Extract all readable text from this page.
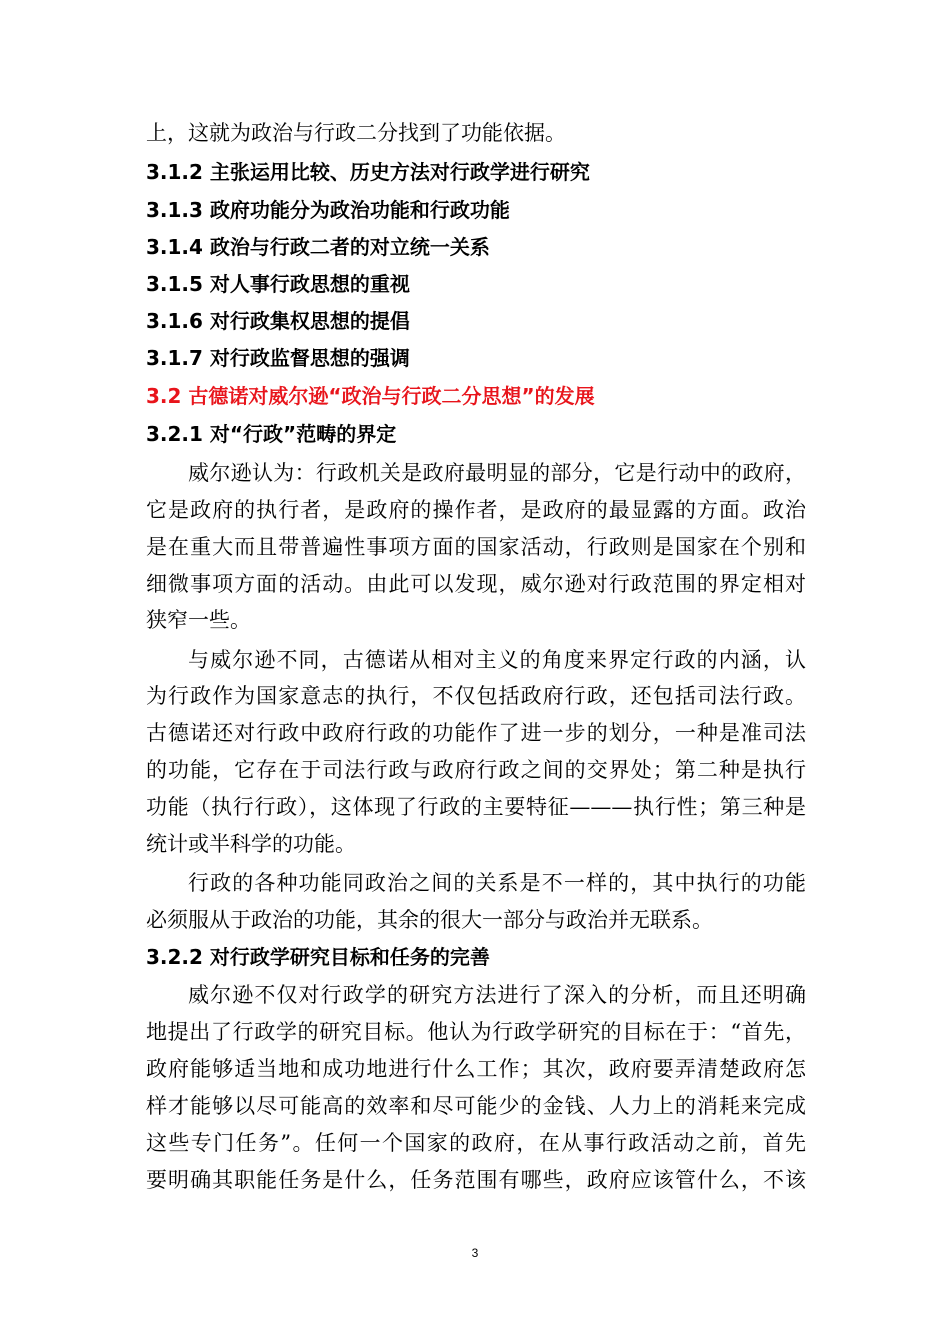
上，这就为政治与行政二分找到了功能依据。
3.1.2 主张运用比较、历史方法对行政学进行研究
3.1.3 政府功能分为政治功能和行政功能
3.1.4 政治与行政二者的对立统一关系
3.1.5 对人事行政思想的重视
3.1.6 对行政集权思想的提倡
3.1.7 对行政监督思想的强调
3.2 古德诺对威尔逊“政治与行政二分思想”的发展
3.2.1 对“行政”范畴的界定
威尔逊认为：行政机关是政府最明显的部分，它是行动中的政府，
它是政府的执行者，是政府的操作者，是政府的最显露的方面。政治
是在重大而且带普遍性事项方面的国家活动，行政则是国家在个别和
细微事项方面的活动。由此可以发现，威尔逊对行政范围的界定相对
狭窄一些。
与威尔逊不同，古德诺从相对主义的角度来界定行政的内涵，认
为行政作为国家意志的执行，不仅包括政府行政，还包括司法行政。
古德诺还对行政中政府行政的功能作了进一步的划分，一种是准司法
的功能，它存在于司法行政与政府行政之间的交界处；第二种是执行
功能（执行行政），这体现了行政的主要特征———执行性；第三种是
统计或半科学的功能。
行政的各种功能同政治之间的关系是不一样的，其中执行的功能
必须服从于政治的功能，其余的很大一部分与政治并无联系。
3.2.2 对行政学研究目标和任务的完善
威尔逊不仅对行政学的研究方法进行了深入的分析，而且还明确
地提出了行政学的研究目标。他认为行政学研究的目标在于：“首先，
政府能够适当地和成功地进行什么工作；其次，政府要弄清楚政府怎
样才能够以尽可能高的效率和尽可能少的金钱、人力上的消耗来完成
这些专门任务”。任何一个国家的政府，在从事行政活动之前，首先
要明确其职能任务是什么，任务范围有哪些，政府应该管什么，不该
3
